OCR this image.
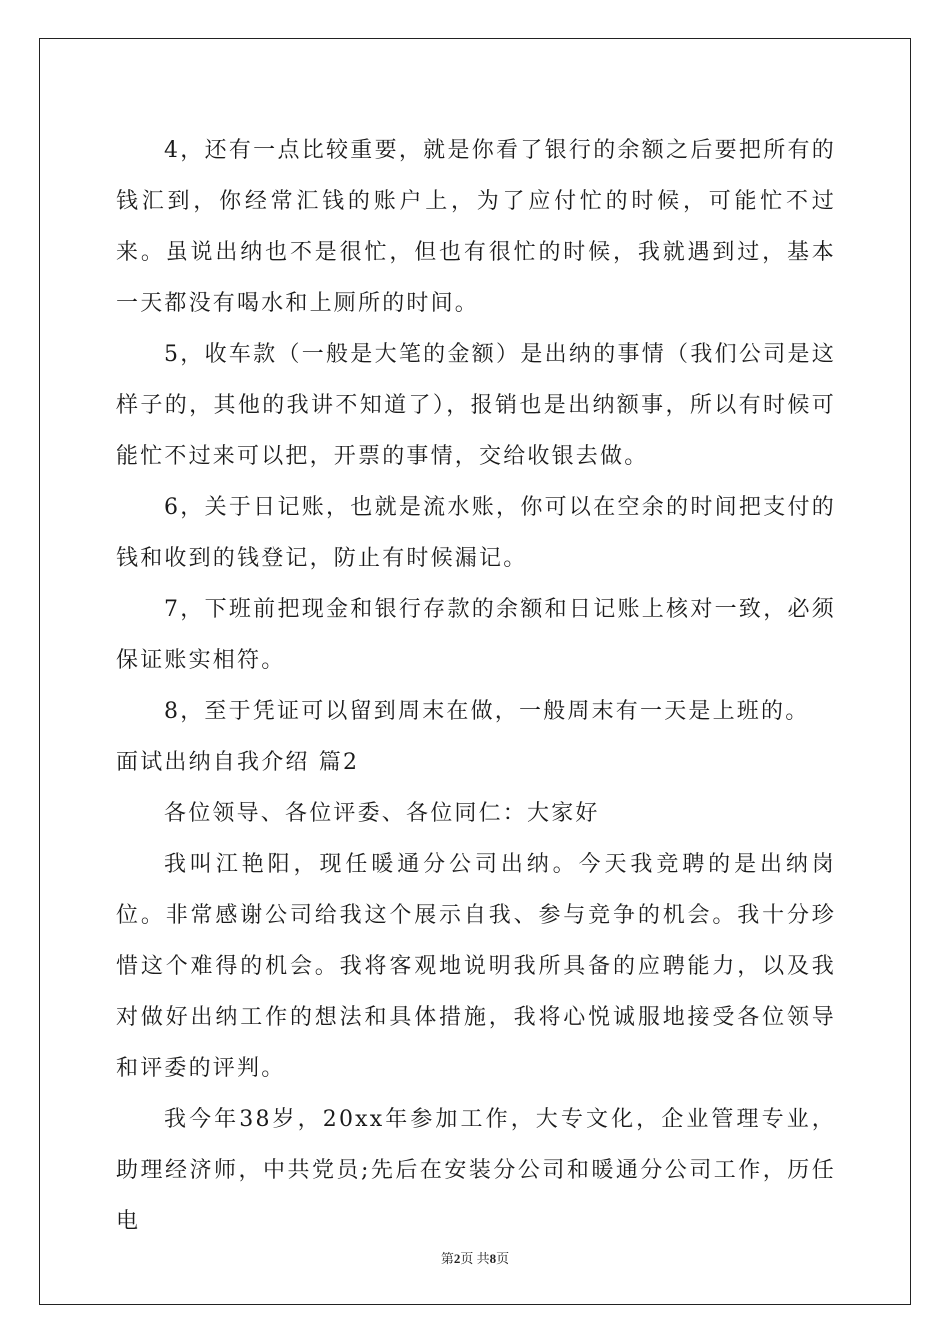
4，还有一点比较重要，就是你看了银行的余额之后要把所有的钱汇到，你经常汇钱的账户上，为了应付忙的时候，可能忙不过来。虽说出纳也不是很忙，但也有很忙的时候，我就遇到过，基本一天都没有喝水和上厕所的时间。

5，收车款（一般是大笔的金额）是出纳的事情（我们公司是这样子的，其他的我讲不知道了），报销也是出纳额事，所以有时候可能忙不过来可以把，开票的事情，交给收银去做。

6，关于日记账，也就是流水账，你可以在空余的时间把支付的钱和收到的钱登记，防止有时候漏记。

7，下班前把现金和银行存款的余额和日记账上核对一致，必须保证账实相符。

8，至于凭证可以留到周末在做，一般周末有一天是上班的。

面试出纳自我介绍 篇2

各位领导、各位评委、各位同仁：大家好

我叫江艳阳，现任暖通分公司出纳。今天我竞聘的是出纳岗位。非常感谢公司给我这个展示自我、参与竞争的机会。我十分珍惜这个难得的机会。我将客观地说明我所具备的应聘能力，以及我对做好出纳工作的想法和具体措施，我将心悦诚服地接受各位领导和评委的评判。

我今年38岁，20xx年参加工作，大专文化，企业管理专业，助理经济师，中共党员;先后在安装分公司和暖通分公司工作，历任电

第2页 共8页
